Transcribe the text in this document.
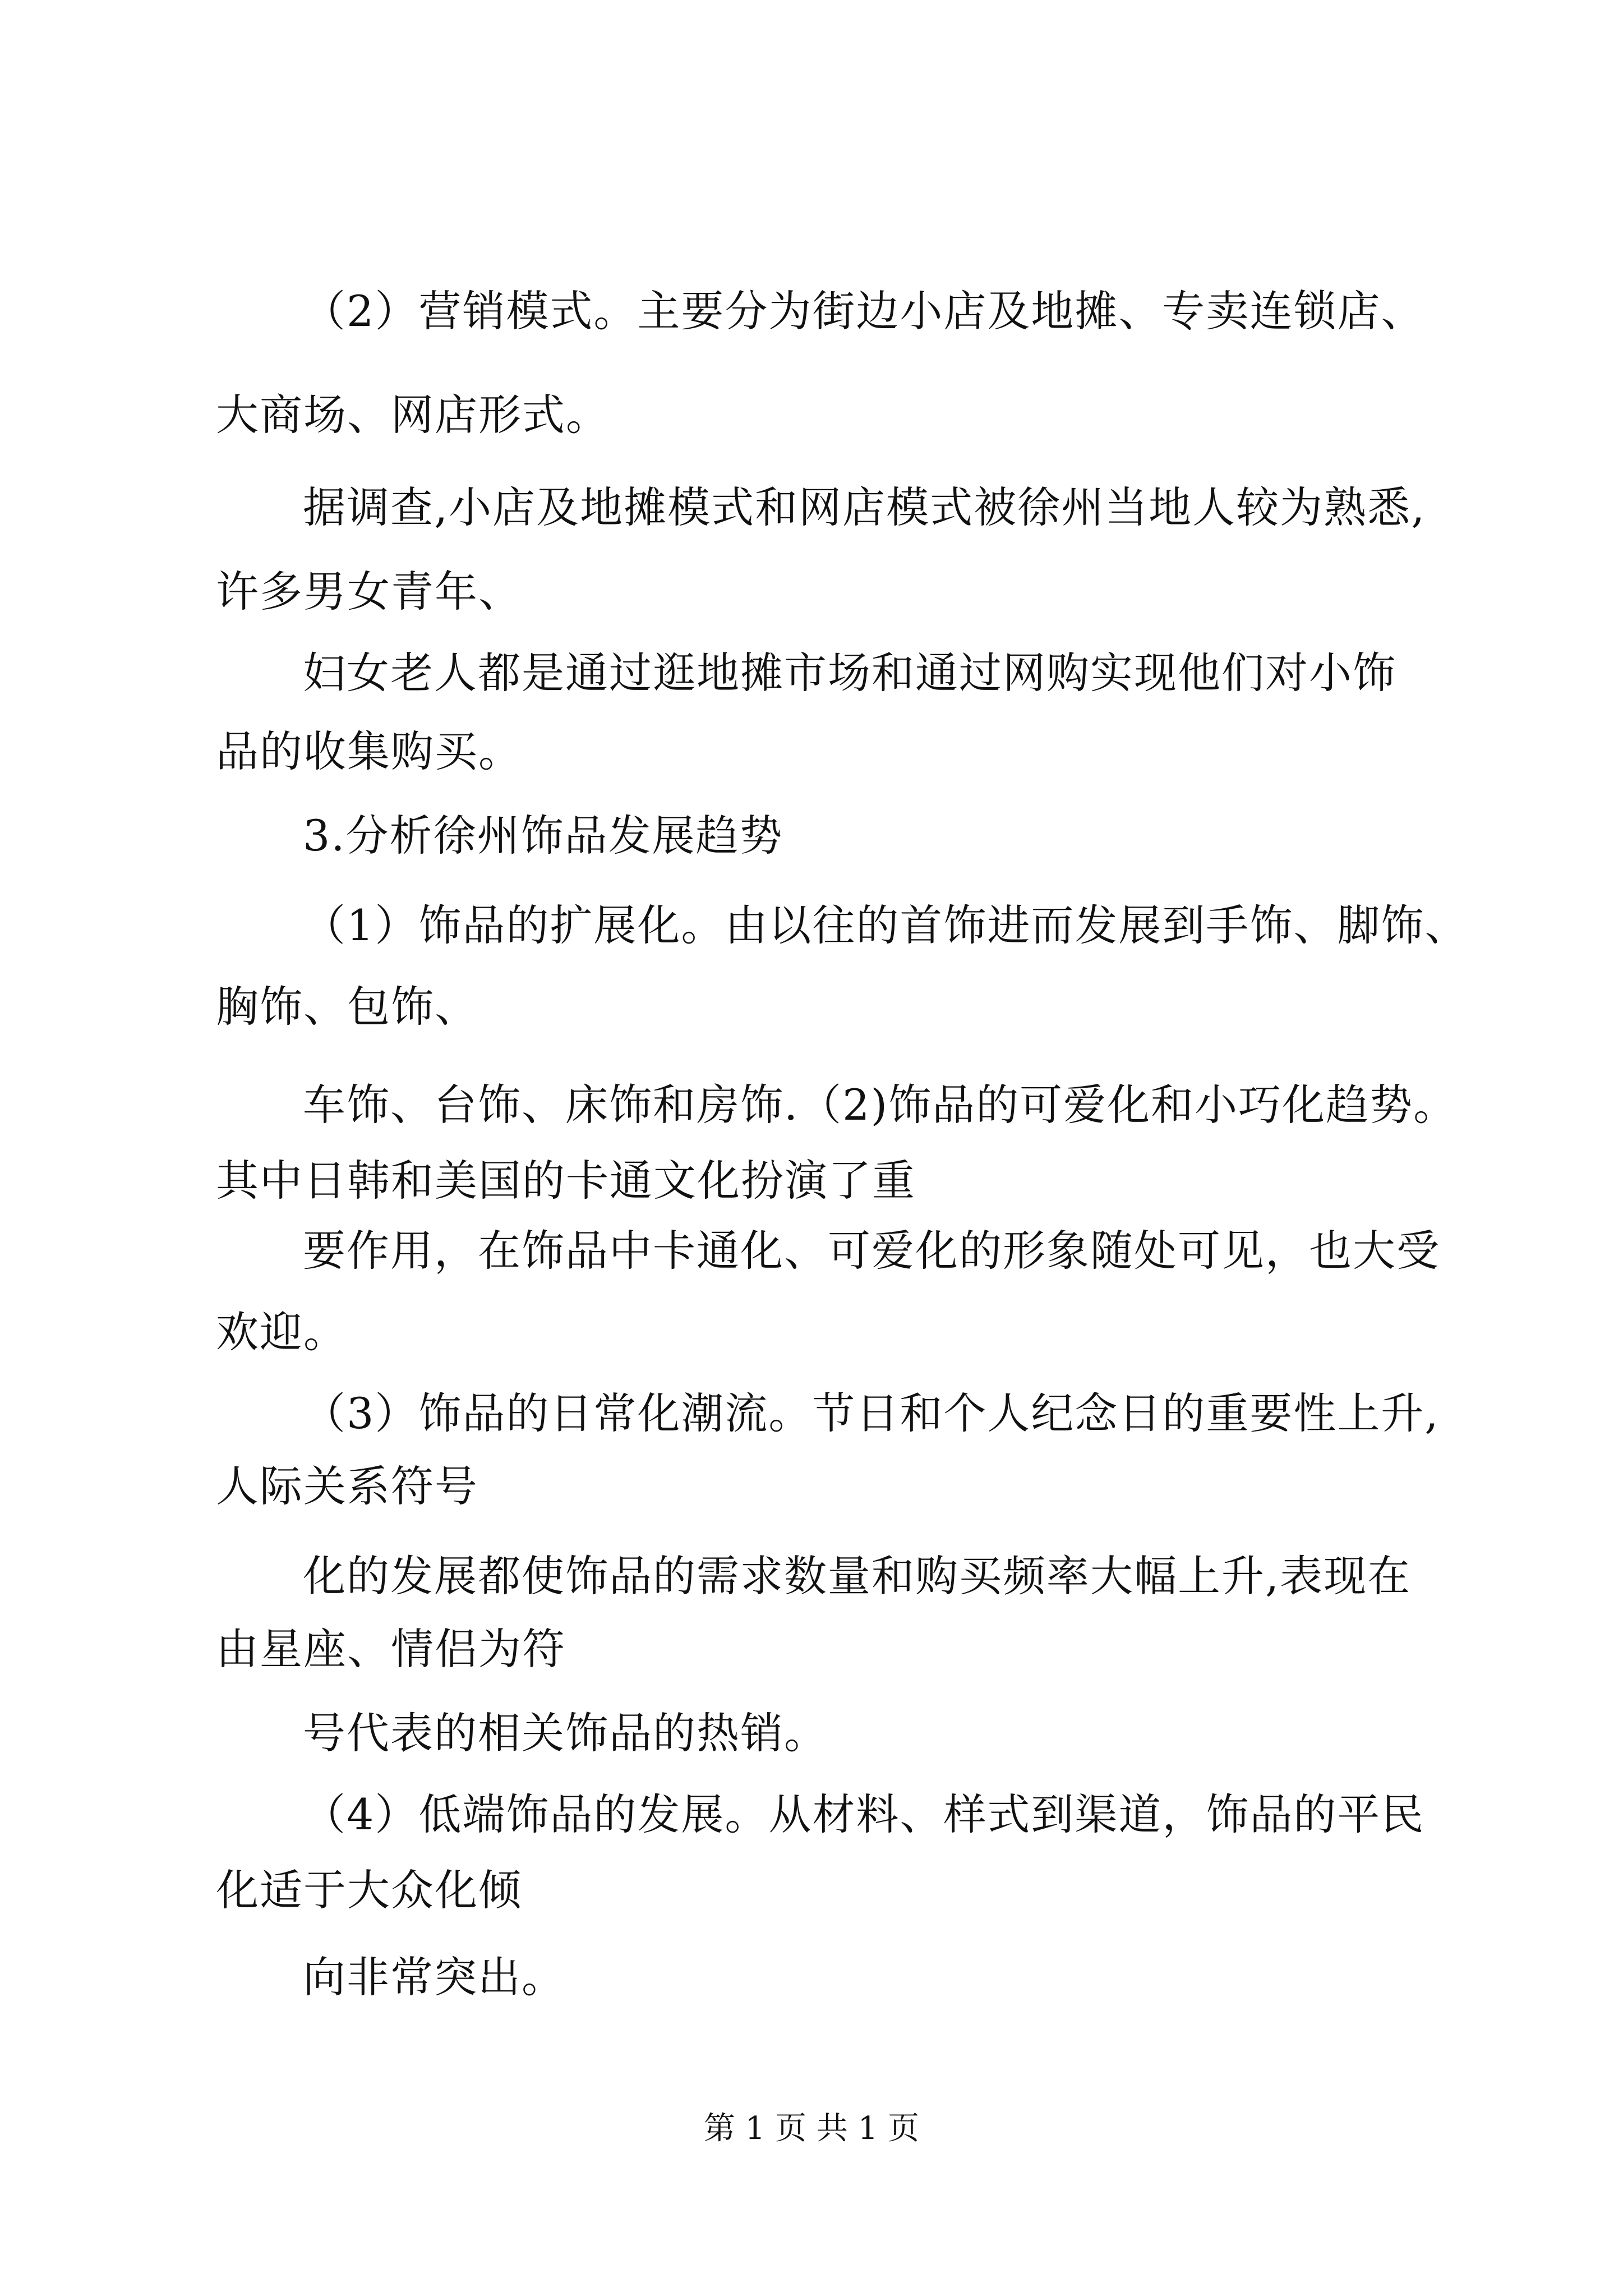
（2）营销模式。主要分为街边小店及地摊、专卖连锁店、
大商场、网店形式。
据调查,小店及地摊模式和网店模式被徐州当地人较为熟悉,
许多男女青年、
妇女老人都是通过逛地摊市场和通过网购实现他们对小饰
品的收集购买。
3.分析徐州饰品发展趋势
（1）饰品的扩展化。由以往的首饰进而发展到手饰、脚饰、
胸饰、包饰、
车饰、台饰、床饰和房饰.（2)饰品的可爱化和小巧化趋势。
其中日韩和美国的卡通文化扮演了重
要作用，在饰品中卡通化、可爱化的形象随处可见，也大受
欢迎。
（3）饰品的日常化潮流。节日和个人纪念日的重要性上升,
人际关系符号
化的发展都使饰品的需求数量和购买频率大幅上升,表现在
由星座、情侣为符
号代表的相关饰品的热销。
（4）低端饰品的发展。从材料、样式到渠道，饰品的平民
化适于大众化倾
向非常突出。
第 1 页 共 1 页
